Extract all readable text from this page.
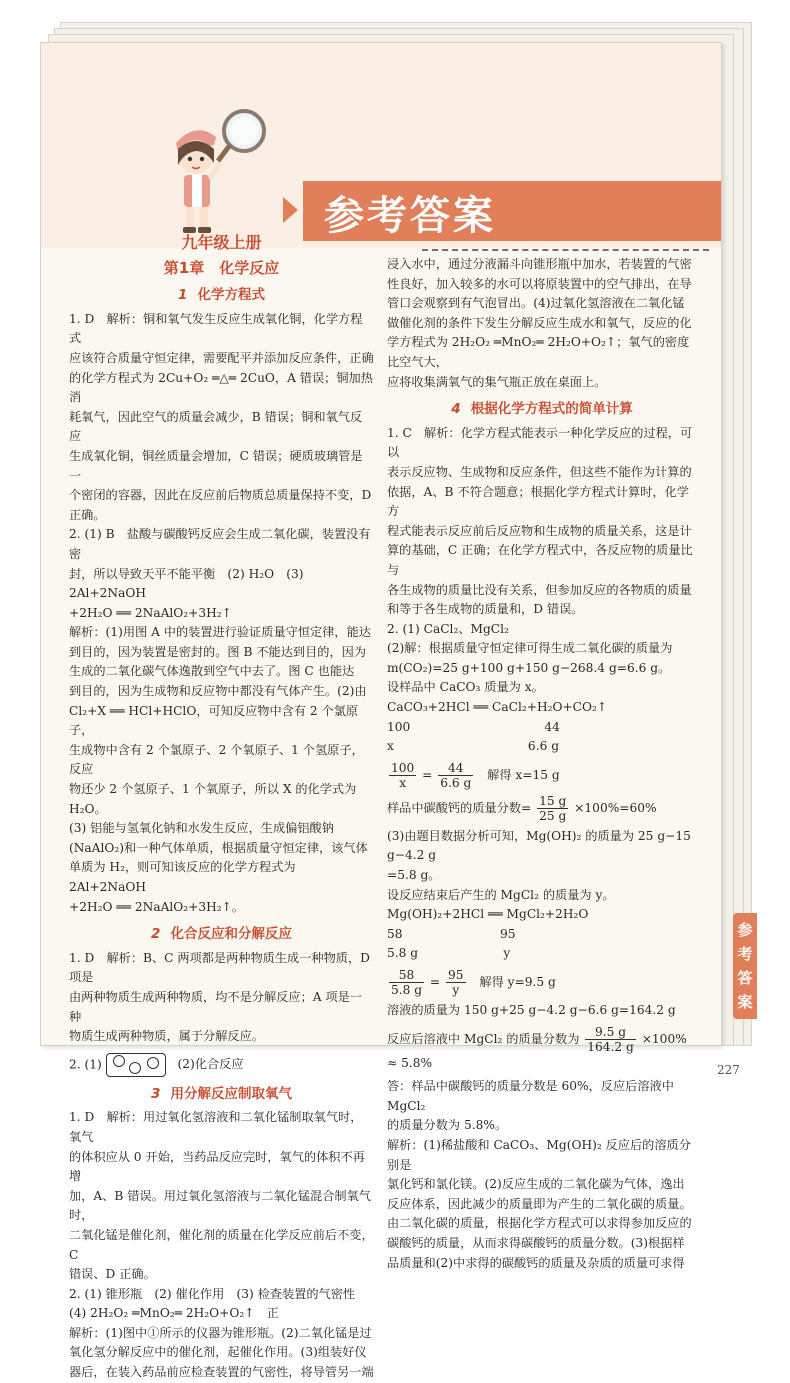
参考答案
九年级上册
第1章　化学反应
1 化学方程式

1. D　解析：铜和氧气发生反应生成氧化铜，化学方程式

应该符合质量守恒定律，需要配平并添加反应条件，正确

的化学方程式为 2Cu+O₂ ═△═ 2CuO，A 错误；铜加热消

耗氧气，因此空气的质量会减少，B 错误；铜和氧气反应

生成氧化铜，铜丝质量会增加，C 错误；硬质玻璃管是一

个密闭的容器，因此在反应前后物质总质量保持不变，D

正确。

2. (1) B　盐酸与碳酸钙反应会生成二氧化碳，装置没有密

封，所以导致天平不能平衡　(2) H₂O　(3) 2Al+2NaOH

+2H₂O ══ 2NaAlO₂+3H₂↑

解析：(1)用图 A 中的装置进行验证质量守恒定律，能达

到目的，因为装置是密封的。图 B 不能达到目的，因为

生成的二氧化碳气体逸散到空气中去了。图 C 也能达

到目的，因为生成物和反应物中都没有气体产生。(2)由

Cl₂+X ══ HCl+HClO，可知反应物中含有 2 个氯原子，

生成物中含有 2 个氯原子、2 个氧原子、1 个氢原子，反应

物还少 2 个氢原子、1 个氧原子，所以 X 的化学式为 H₂O。

(3) 铝能与氢氧化钠和水发生反应，生成偏铝酸钠

(NaAlO₂)和一种气体单质，根据质量守恒定律，该气体

单质为 H₂，则可知该反应的化学方程式为 2Al+2NaOH

+2H₂O ══ 2NaAlO₂+3H₂↑。

2 化合反应和分解反应

1. D　解析：B、C 两项都是两种物质生成一种物质，D 项是

由两种物质生成两种物质，均不是分解反应；A 项是一种

物质生成两种物质，属于分解反应。

2. (1)	(2)化合反应

3 用分解反应制取氧气

1. D　解析：用过氧化氢溶液和二氧化锰制取氧气时，氧气

的体积应从 0 开始，当药品反应完时，氧气的体积不再增

加，A、B 错误。用过氧化氢溶液与二氧化锰混合制氧气时，

二氧化锰是催化剂，催化剂的质量在化学反应前后不变，C

错误、D 正确。

2. (1) 锥形瓶　(2) 催化作用　(3) 检查装置的气密性

(4) 2H₂O₂ ═MnO₂═ 2H₂O+O₂↑　正

解析：(1)图中①所示的仪器为锥形瓶。(2)二氧化锰是过

氧化氢分解反应中的催化剂，起催化作用。(3)组装好仪

器后，在装入药品前应检查装置的气密性，将导管另一端

浸入水中，通过分液漏斗向锥形瓶中加水，若装置的气密

性良好，加入较多的水可以将原装置中的空气排出，在导

管口会观察到有气泡冒出。(4)过氧化氢溶液在二氧化锰

做催化剂的条件下发生分解反应生成水和氧气，反应的化

学方程式为 2H₂O₂ ═MnO₂═ 2H₂O+O₂↑；氧气的密度比空气大，

应将收集满氧气的集气瓶正放在桌面上。

4 根据化学方程式的简单计算

1. C　解析：化学方程式能表示一种化学反应的过程，可以

表示反应物、生成物和反应条件，但这些不能作为计算的

依据，A、B 不符合题意；根据化学方程式计算时，化学方

程式能表示反应前后反应物和生成物的质量关系，这是计

算的基础，C 正确；在化学方程式中，各反应物的质量比与

各生成物的质量比没有关系，但参加反应的各物质的质量

和等于各生成物的质量和，D 错误。

2. (1) CaCl₂、MgCl₂

(2)解：根据质量守恒定律可得生成二氧化碳的质量为

m(CO₂)=25 g+100 g+150 g−268.4 g=6.6 g。

设样品中 CaCO₃ 质量为 x。

CaCO₃+2HCl ══ CaCl₂+H₂O+CO₂↑

100　　　　　　　　　　　44

x　　　　　　　　　　　6.6 g

$\frac{100}{x} = \frac{44}{6.6 g}$ 解得 x=15 g

样品中碳酸钙的质量分数= $\frac{15 g}{25 g} \times 100\%=60\%$

(3)由题目数据分析可知，Mg(OH)₂ 的质量为 25 g−15 g−4.2 g

=5.8 g。

设反应结束后产生的 MgCl₂ 的质量为 y。

Mg(OH)₂+2HCl ══ MgCl₂+2H₂O

58　　　　　　　　95

5.8 g　　　　　　　y

$\frac{58}{5.8 g} = \frac{95}{y}$ 解得 y=9.5 g

溶液的质量为 150 g+25 g−4.2 g−6.6 g=164.2 g

反应后溶液中 MgCl₂ 的质量分数为 $\frac{9.5 g}{164.2 g} \times 100\% \approx 5.8\%$

答：样品中碳酸钙的质量分数是 60%，反应后溶液中 MgCl₂

的质量分数为 5.8%。

解析：(1)稀盐酸和 CaCO₃、Mg(OH)₂ 反应后的溶质分别是

氯化钙和氯化镁。(2)反应生成的二氧化碳为气体，逸出

反应体系，因此减少的质量即为产生的二氧化碳的质量。

由二氧化碳的质量，根据化学方程式可以求得参加反应的

碳酸钙的质量，从而求得碳酸钙的质量分数。(3)根据样

品质量和(2)中求得的碳酸钙的质量及杂质的质量可求得

参考答案
227
